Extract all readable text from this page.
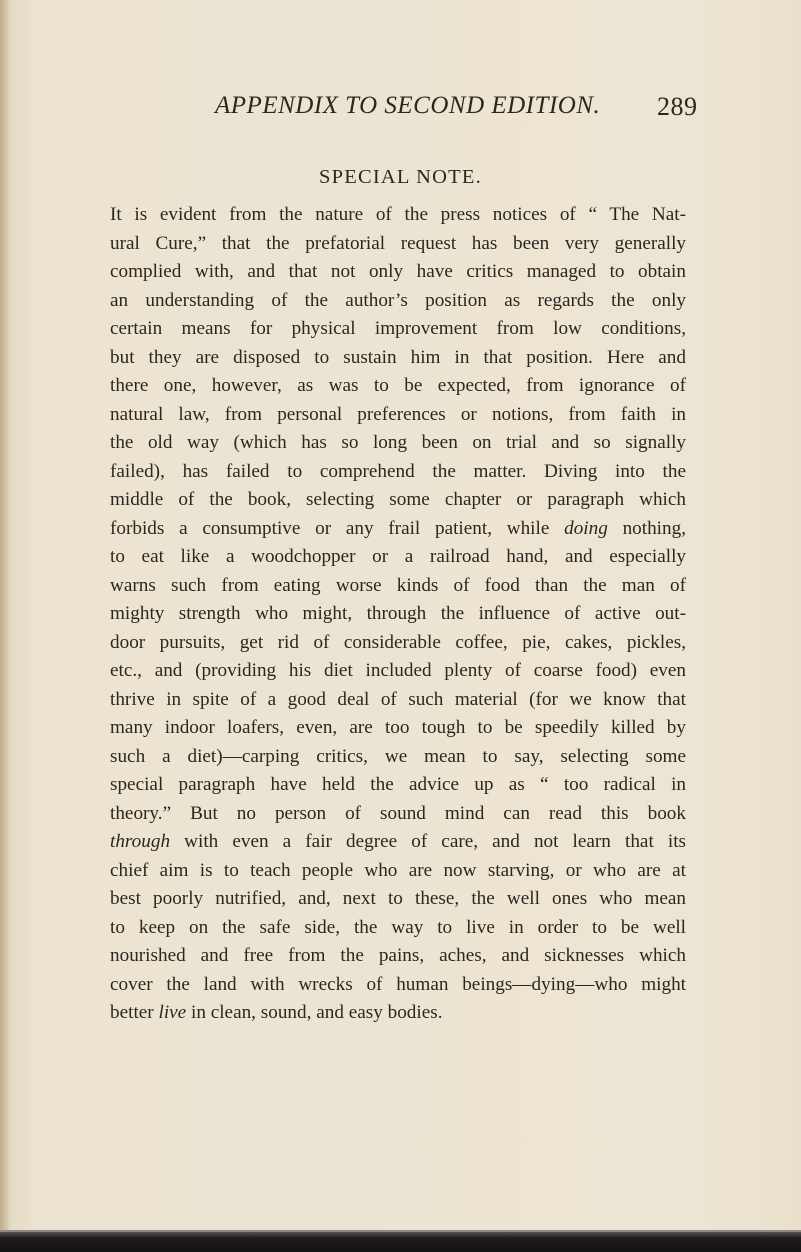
APPENDIX TO SECOND EDITION. 289
SPECIAL NOTE.
It is evident from the nature of the press notices of “ The Nat-
ural Cure,” that the prefatorial request has been very generally
complied with, and that not only have critics managed to obtain
an understanding of the author’s position as regards the only
certain means for physical improvement from low conditions,
but they are disposed to sustain him in that position. Here and
there one, however, as was to be expected, from ignorance of
natural law, from personal preferences or notions, from faith in
the old way (which has so long been on trial and so signally
failed), has failed to comprehend the matter. Diving into the
middle of the book, selecting some chapter or paragraph which
forbids a consumptive or any frail patient, while doing nothing,
to eat like a woodchopper or a railroad hand, and especially
warns such from eating worse kinds of food than the man of
mighty strength who might, through the influence of active out-
door pursuits, get rid of considerable coffee, pie, cakes, pickles,
etc., and (providing his diet included plenty of coarse food) even
thrive in spite of a good deal of such material (for we know that
many indoor loafers, even, are too tough to be speedily killed by
such a diet)—carping critics, we mean to say, selecting some
special paragraph have held the advice up as “ too radical in
theory.” But no person of sound mind can read this book
through with even a fair degree of care, and not learn that its
chief aim is to teach people who are now starving, or who are at
best poorly nutrified, and, next to these, the well ones who mean
to keep on the safe side, the way to live in order to be well
nourished and free from the pains, aches, and sicknesses which
cover the land with wrecks of human beings—dying—who might
better live in clean, sound, and easy bodies.
